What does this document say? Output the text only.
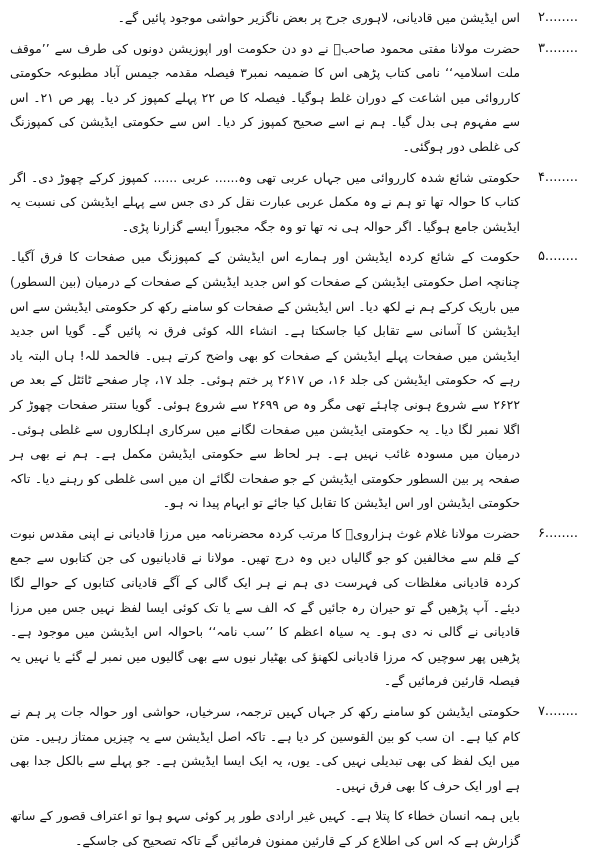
۲........
اس ایڈیشن میں قادیانی، لاہوری جرح پر بعض ناگزیر حواشی موجود پائیں گے۔
۳........
حضرت مولانا مفتی محمود صاحبؒ نے دو دن حکومت اور اپوزیشن دونوں کی طرف سے ’’موقف ملت اسلامیہ‘‘ نامی کتاب پڑھی اس کا ضمیمہ نمبر۳ فیصلہ مقدمہ جیمس آباد مطبوعہ حکومتی کارروائی میں اشاعت کے دوران غلط ہوگیا۔ فیصلہ کا ص ۲۲ پہلے کمپوز کر دیا۔ پھر ص ۲۱۔ اس سے مفہوم ہی بدل گیا۔ ہم نے اسے صحیح کمپوز کر دیا۔ اس سے حکومتی ایڈیشن کی کمپوزنگ کی غلطی دور ہوگئی۔
۴........
حکومتی شائع شدہ کارروائی میں جہاں عربی تھی وہ...... عربی ...... کمپوز کرکے چھوڑ دی۔ اگر کتاب کا حوالہ تھا تو ہم نے وہ مکمل عربی عبارت نقل کر دی جس سے پہلے ایڈیشن کی نسبت یہ ایڈیشن جامع ہوگیا۔ اگر حوالہ ہی نہ تھا تو وہ جگہ مجبوراً ایسے گزارنا پڑی۔
۵........
حکومت کے شائع کردہ ایڈیشن اور ہمارے اس ایڈیشن کے کمپوزنگ میں صفحات کا فرق آگیا۔ چنانچہ اصل حکومتی ایڈیشن کے صفحات کو اس جدید ایڈیشن کے صفحات کے درمیان (بین السطور) میں باریک کرکے ہم نے لکھ دیا۔ اس ایڈیشن کے صفحات کو سامنے رکھ کر حکومتی ایڈیشن سے اس ایڈیشن کا آسانی سے تقابل کیا جاسکتا ہے۔ انشاء اللہ کوئی فرق نہ پائیں گے۔ گویا اس جدید ایڈیشن میں صفحات پہلے ایڈیشن کے صفحات کو بھی واضح کرتے ہیں۔ فالحمد للہ! ہاں البتہ یاد رہے کہ حکومتی ایڈیشن کی جلد ۱۶، ص ۲۶۱۷ پر ختم ہوئی۔ جلد ۱۷، چار صفحے ٹائٹل کے بعد ص ۲۶۲۲ سے شروع ہونی چاہئے تھی مگر وہ ص ۲۶۹۹ سے شروع ہوئی۔ گویا ستتر صفحات چھوڑ کر اگلا نمبر لگا دیا۔ یہ حکومتی ایڈیشن میں صفحات لگانے میں سرکاری اہلکاروں سے غلطی ہوئی۔ درمیان میں مسودہ غائب نہیں ہے۔ ہر لحاظ سے حکومتی ایڈیشن مکمل ہے۔ ہم نے بھی ہر صفحہ پر بین السطور حکومتی ایڈیشن کے جو صفحات لگائے ان میں اسی غلطی کو رہنے دیا۔ تاکہ حکومتی ایڈیشن اور اس ایڈیشن کا تقابل کیا جائے تو ابہام پیدا نہ ہو۔
۶........
حضرت مولانا غلام غوث ہزارویؒ کا مرتب کردہ محضرنامہ میں مرزا قادیانی نے اپنی مقدس نبوت کے قلم سے مخالفین کو جو گالیاں دیں وہ درج تھیں۔ مولانا نے قادیانیوں کی جن کتابوں سے جمع کردہ قادیانی مغلظات کی فہرست دی ہم نے ہر ایک گالی کے آگے قادیانی کتابوں کے حوالے لگا دیئے۔ آپ پڑھیں گے تو حیران رہ جائیں گے کہ الف سے یا تک کوئی ایسا لفظ نہیں جس میں مرزا قادیانی نے گالی نہ دی ہو۔ یہ سیاہ اعظم کا ’’سب نامہ‘‘ باحوالہ اس ایڈیشن میں موجود ہے۔ پڑھیں پھر سوچیں کہ مرزا قادیانی لکھنؤ کی بھٹیار نیوں سے بھی گالیوں میں نمبر لے گئے یا نہیں یہ فیصلہ قارئین فرمائیں گے۔
۷........
حکومتی ایڈیشن کو سامنے رکھ کر جہاں کہیں ترجمہ، سرخیاں، حواشی اور حوالہ جات پر ہم نے کام کیا ہے۔ ان سب کو بین القوسین کر دیا ہے۔ تاکہ اصل ایڈیشن سے یہ چیزیں ممتاز رہیں۔ متن میں ایک لفظ کی بھی تبدیلی نہیں کی۔ یوں، یہ ایک ایسا ایڈیشن ہے۔ جو پہلے سے بالکل جدا بھی ہے اور ایک حرف کا بھی فرق نہیں۔
بایں ہمہ انسان خطاء کا پتلا ہے۔ کہیں غیر ارادی طور پر کوئی سہو ہوا تو اعتراف قصور کے ساتھ گزارش ہے کہ اس کی اطلاع کر کے قارئین ممنون فرمائیں گے تاکہ تصحیح کی جاسکے۔
